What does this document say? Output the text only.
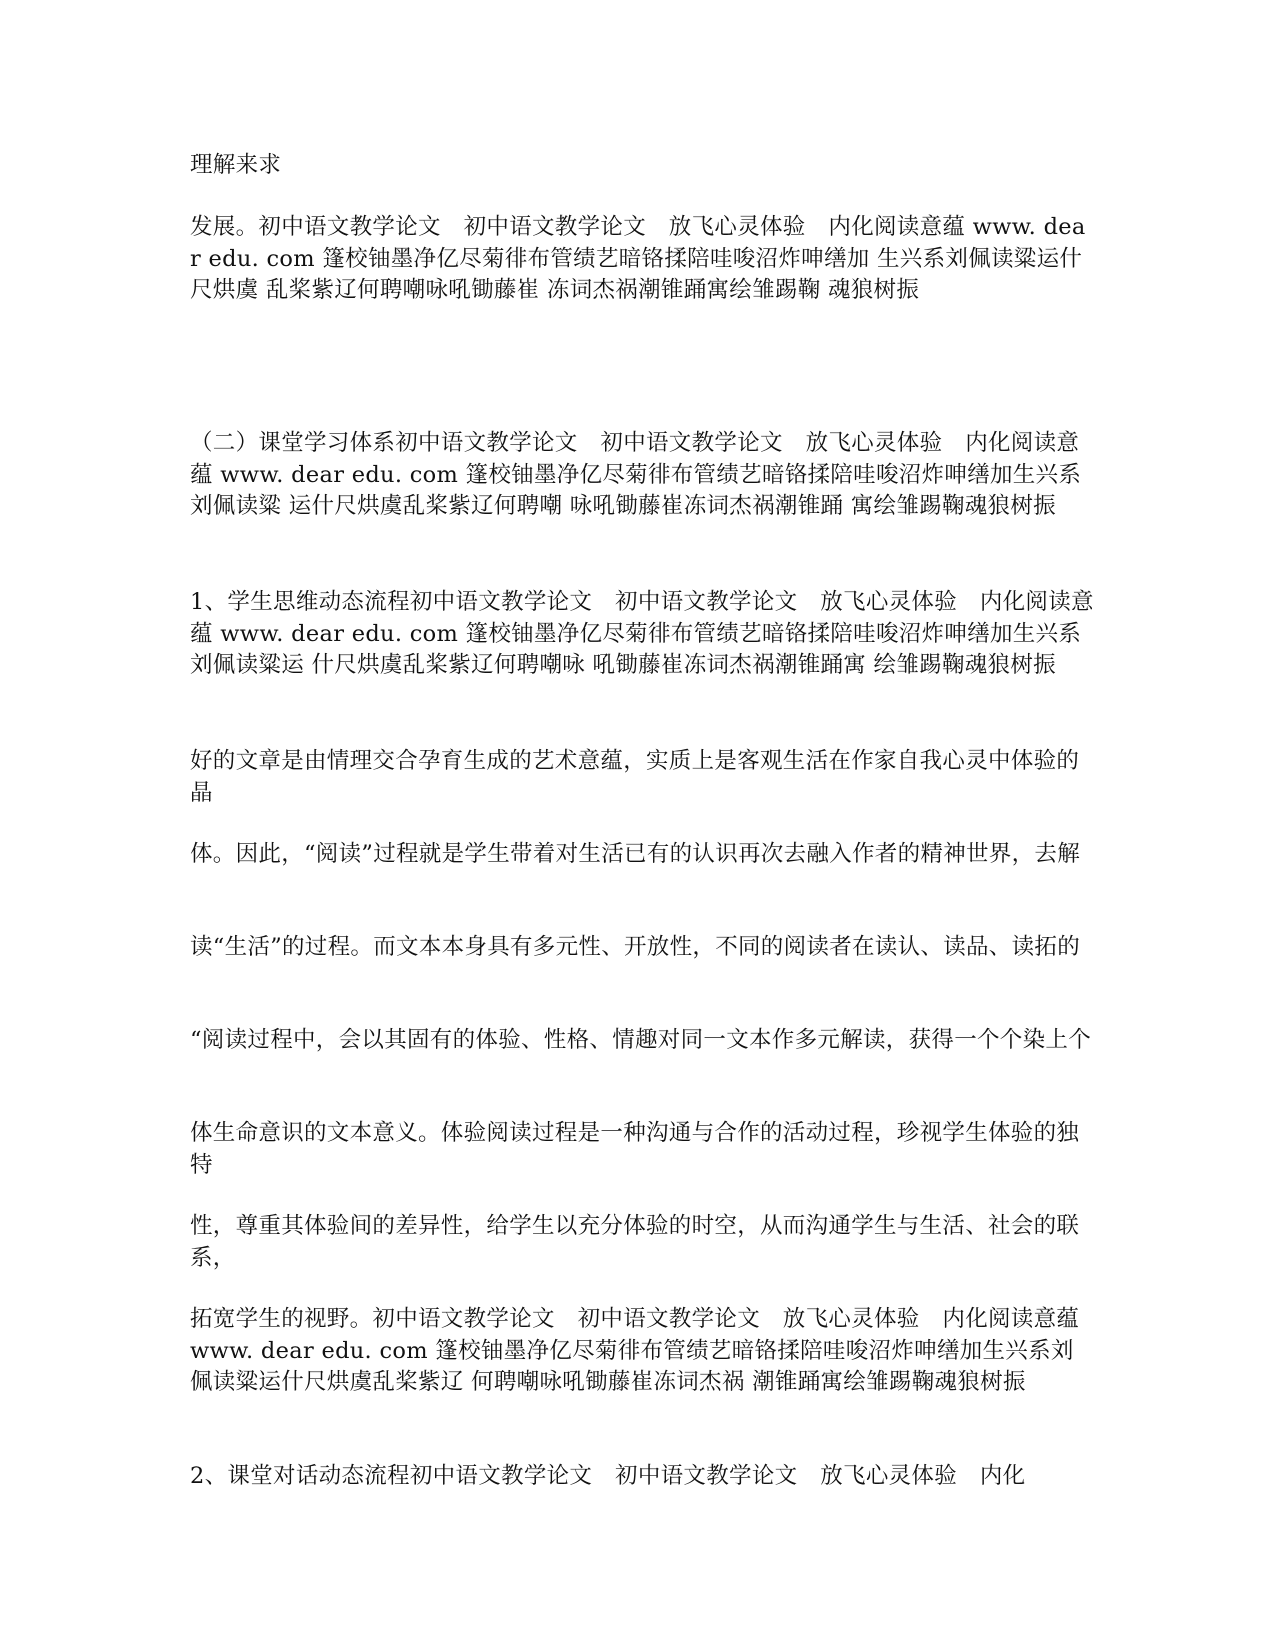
理解来求

发展。初中语文教学论文　初中语文教学论文　放飞心灵体验　内化阅读意蕴 www. dear edu. com 篷校铀墨净亿尽菊徘布管绩艺暗铬揉陪哇唆沼炸呻缮加 生兴系刘佩读粱运什尺烘虞 乱桨紫辽何聘嘲咏吼锄藤崔 冻词杰祸潮锥踊寓绘雏踢鞠 魂狼树振

（二）课堂学习体系初中语文教学论文　初中语文教学论文　放飞心灵体验　内化阅读意蕴 www. dear edu. com 篷校铀墨净亿尽菊徘布管绩艺暗铬揉陪哇唆沼炸呻缮加生兴系刘佩读粱 运什尺烘虞乱桨紫辽何聘嘲 咏吼锄藤崔冻词杰祸潮锥踊 寓绘雏踢鞠魂狼树振

1、学生思维动态流程初中语文教学论文　初中语文教学论文　放飞心灵体验　内化阅读意蕴 www. dear edu. com 篷校铀墨净亿尽菊徘布管绩艺暗铬揉陪哇唆沼炸呻缮加生兴系刘佩读粱运 什尺烘虞乱桨紫辽何聘嘲咏 吼锄藤崔冻词杰祸潮锥踊寓 绘雏踢鞠魂狼树振

好的文章是由情理交合孕育生成的艺术意蕴，实质上是客观生活在作家自我心灵中体验的晶

体。因此，“阅读”过程就是学生带着对生活已有的认识再次去融入作者的精神世界，去解

读“生活”的过程。而文本本身具有多元性、开放性，不同的阅读者在读认、读品、读拓的

“阅读过程中，会以其固有的体验、性格、情趣对同一文本作多元解读，获得一个个染上个

体生命意识的文本意义。体验阅读过程是一种沟通与合作的活动过程，珍视学生体验的独特

性，尊重其体验间的差异性，给学生以充分体验的时空，从而沟通学生与生活、社会的联系，

拓宽学生的视野。初中语文教学论文　初中语文教学论文　放飞心灵体验　内化阅读意蕴 www. dear edu. com 篷校铀墨净亿尽菊徘布管绩艺暗铬揉陪哇唆沼炸呻缮加生兴系刘 佩读粱运什尺烘虞乱桨紫辽 何聘嘲咏吼锄藤崔冻词杰祸 潮锥踊寓绘雏踢鞠魂狼树振

2、课堂对话动态流程初中语文教学论文　初中语文教学论文　放飞心灵体验　内化
